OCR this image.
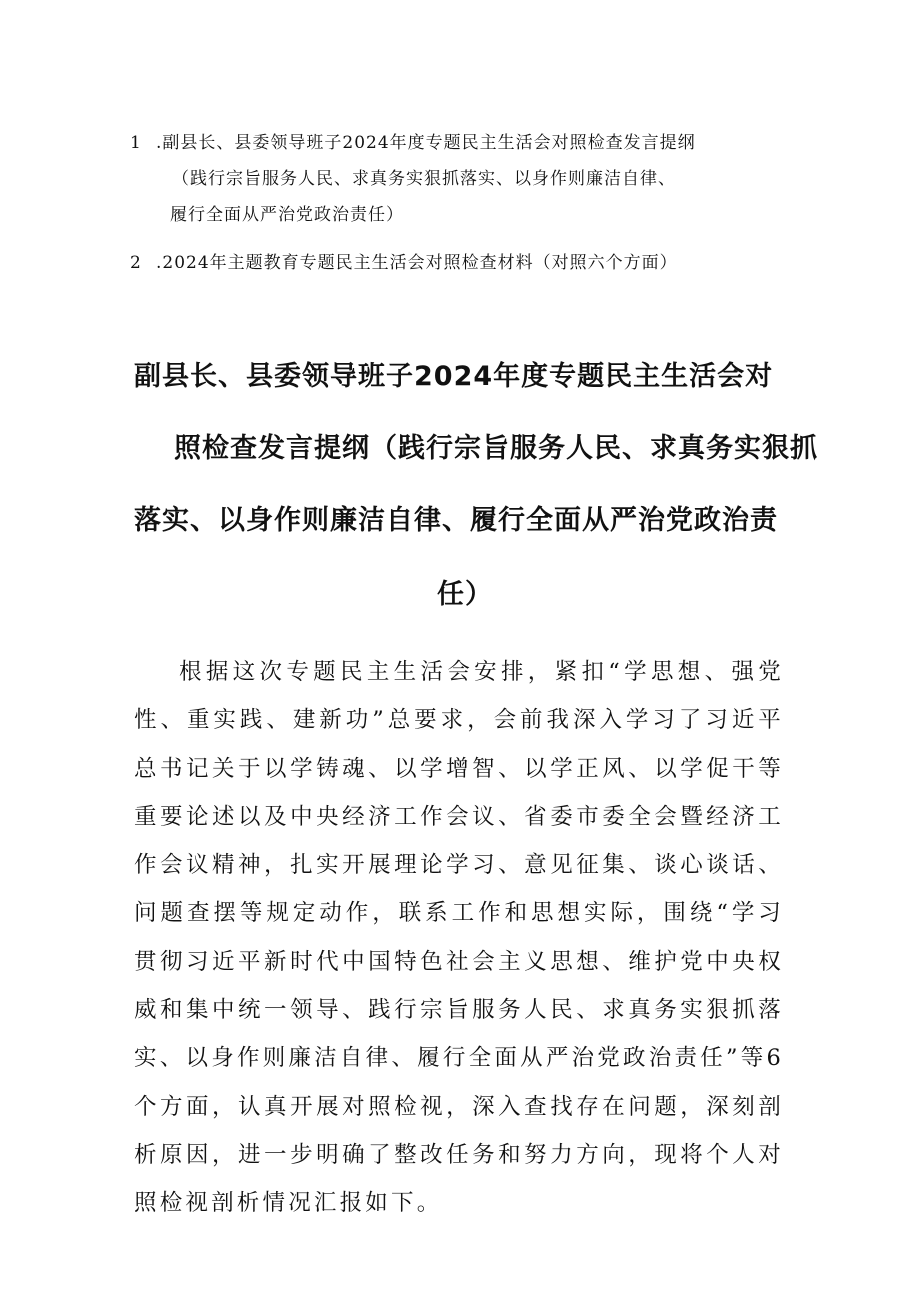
1 .副县长、县委领导班子2024年度专题民主生活会对照检查发言提纲
（践行宗旨服务人民、求真务实狠抓落实、以身作则廉洁自律、
履行全面从严治党政治责任）
2 .2024年主题教育专题民主生活会对照检查材料（对照六个方面）
副县长、县委领导班子2024年度专题民主生活会对
照检查发言提纲（践行宗旨服务人民、求真务实狠抓
落实、以身作则廉洁自律、履行全面从严治党政治责
任）
根据这次专题民主生活会安排，紧扣“学思想、强党性、重实践、建新功”总要求，会前我深入学习了习近平总书记关于以学铸魂、以学增智、以学正风、以学促干等重要论述以及中央经济工作会议、省委市委全会暨经济工作会议精神，扎实开展理论学习、意见征集、谈心谈话、问题查摆等规定动作，联系工作和思想实际，围绕“学习贯彻习近平新时代中国特色社会主义思想、维护党中央权威和集中统一领导、践行宗旨服务人民、求真务实狠抓落实、以身作则廉洁自律、履行全面从严治党政治责任”等6个方面，认真开展对照检视，深入查找存在问题，深刻剖析原因，进一步明确了整改任务和努力方向，现将个人对照检视剖析情况汇报如下。
